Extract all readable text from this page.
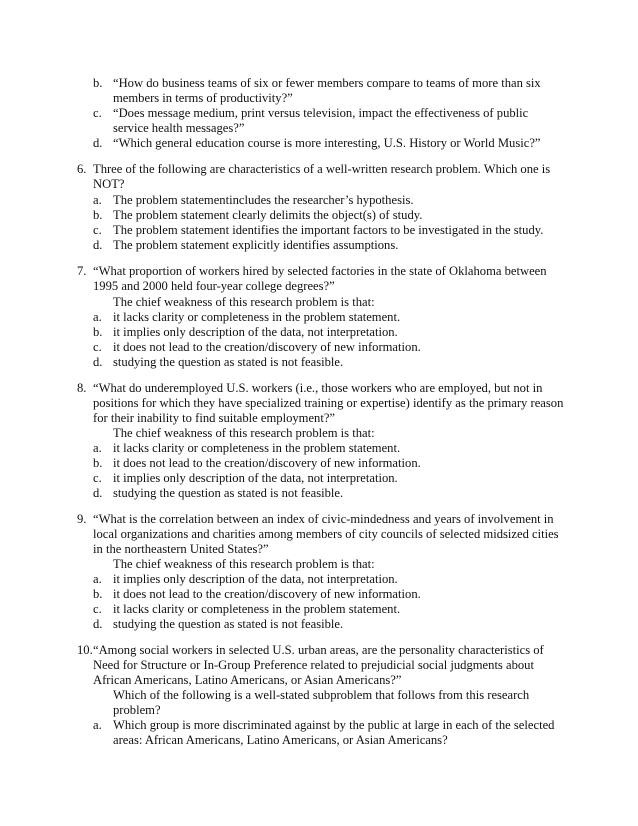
b. “How do business teams of six or fewer members compare to teams of more than six
members in terms of productivity?”
c. “Does message medium, print versus television, impact the effectiveness of public
service health messages?”
d. “Which general education course is more interesting, U.S. History or World Music?”
6. Three of the following are characteristics of a well-written research problem. Which one is
NOT?
a. The problem statementincludes the researcher’s hypothesis.
b. The problem statement clearly delimits the object(s) of study.
c. The problem statement identifies the important factors to be investigated in the study.
d. The problem statement explicitly identifies assumptions.
7. “What proportion of workers hired by selected factories in the state of Oklahoma between
1995 and 2000 held four-year college degrees?”
The chief weakness of this research problem is that:
a. it lacks clarity or completeness in the problem statement.
b. it implies only description of the data, not interpretation.
c. it does not lead to the creation/discovery of new information.
d. studying the question as stated is not feasible.
8. “What do underemployed U.S. workers (i.e., those workers who are employed, but not in
positions for which they have specialized training or expertise) identify as the primary reason
for their inability to find suitable employment?”
The chief weakness of this research problem is that:
a. it lacks clarity or completeness in the problem statement.
b. it does not lead to the creation/discovery of new information.
c. it implies only description of the data, not interpretation.
d. studying the question as stated is not feasible.
9. “What is the correlation between an index of civic-mindedness and years of involvement in
local organizations and charities among members of city councils of selected midsized cities
in the northeastern United States?”
The chief weakness of this research problem is that:
a. it implies only description of the data, not interpretation.
b. it does not lead to the creation/discovery of new information.
c. it lacks clarity or completeness in the problem statement.
d. studying the question as stated is not feasible.
10. “Among social workers in selected U.S. urban areas, are the personality characteristics of
Need for Structure or In-Group Preference related to prejudicial social judgments about
African Americans, Latino Americans, or Asian Americans?”
Which of the following is a well-stated subproblem that follows from this research
problem?
a. Which group is more discriminated against by the public at large in each of the selected
areas: African Americans, Latino Americans, or Asian Americans?
